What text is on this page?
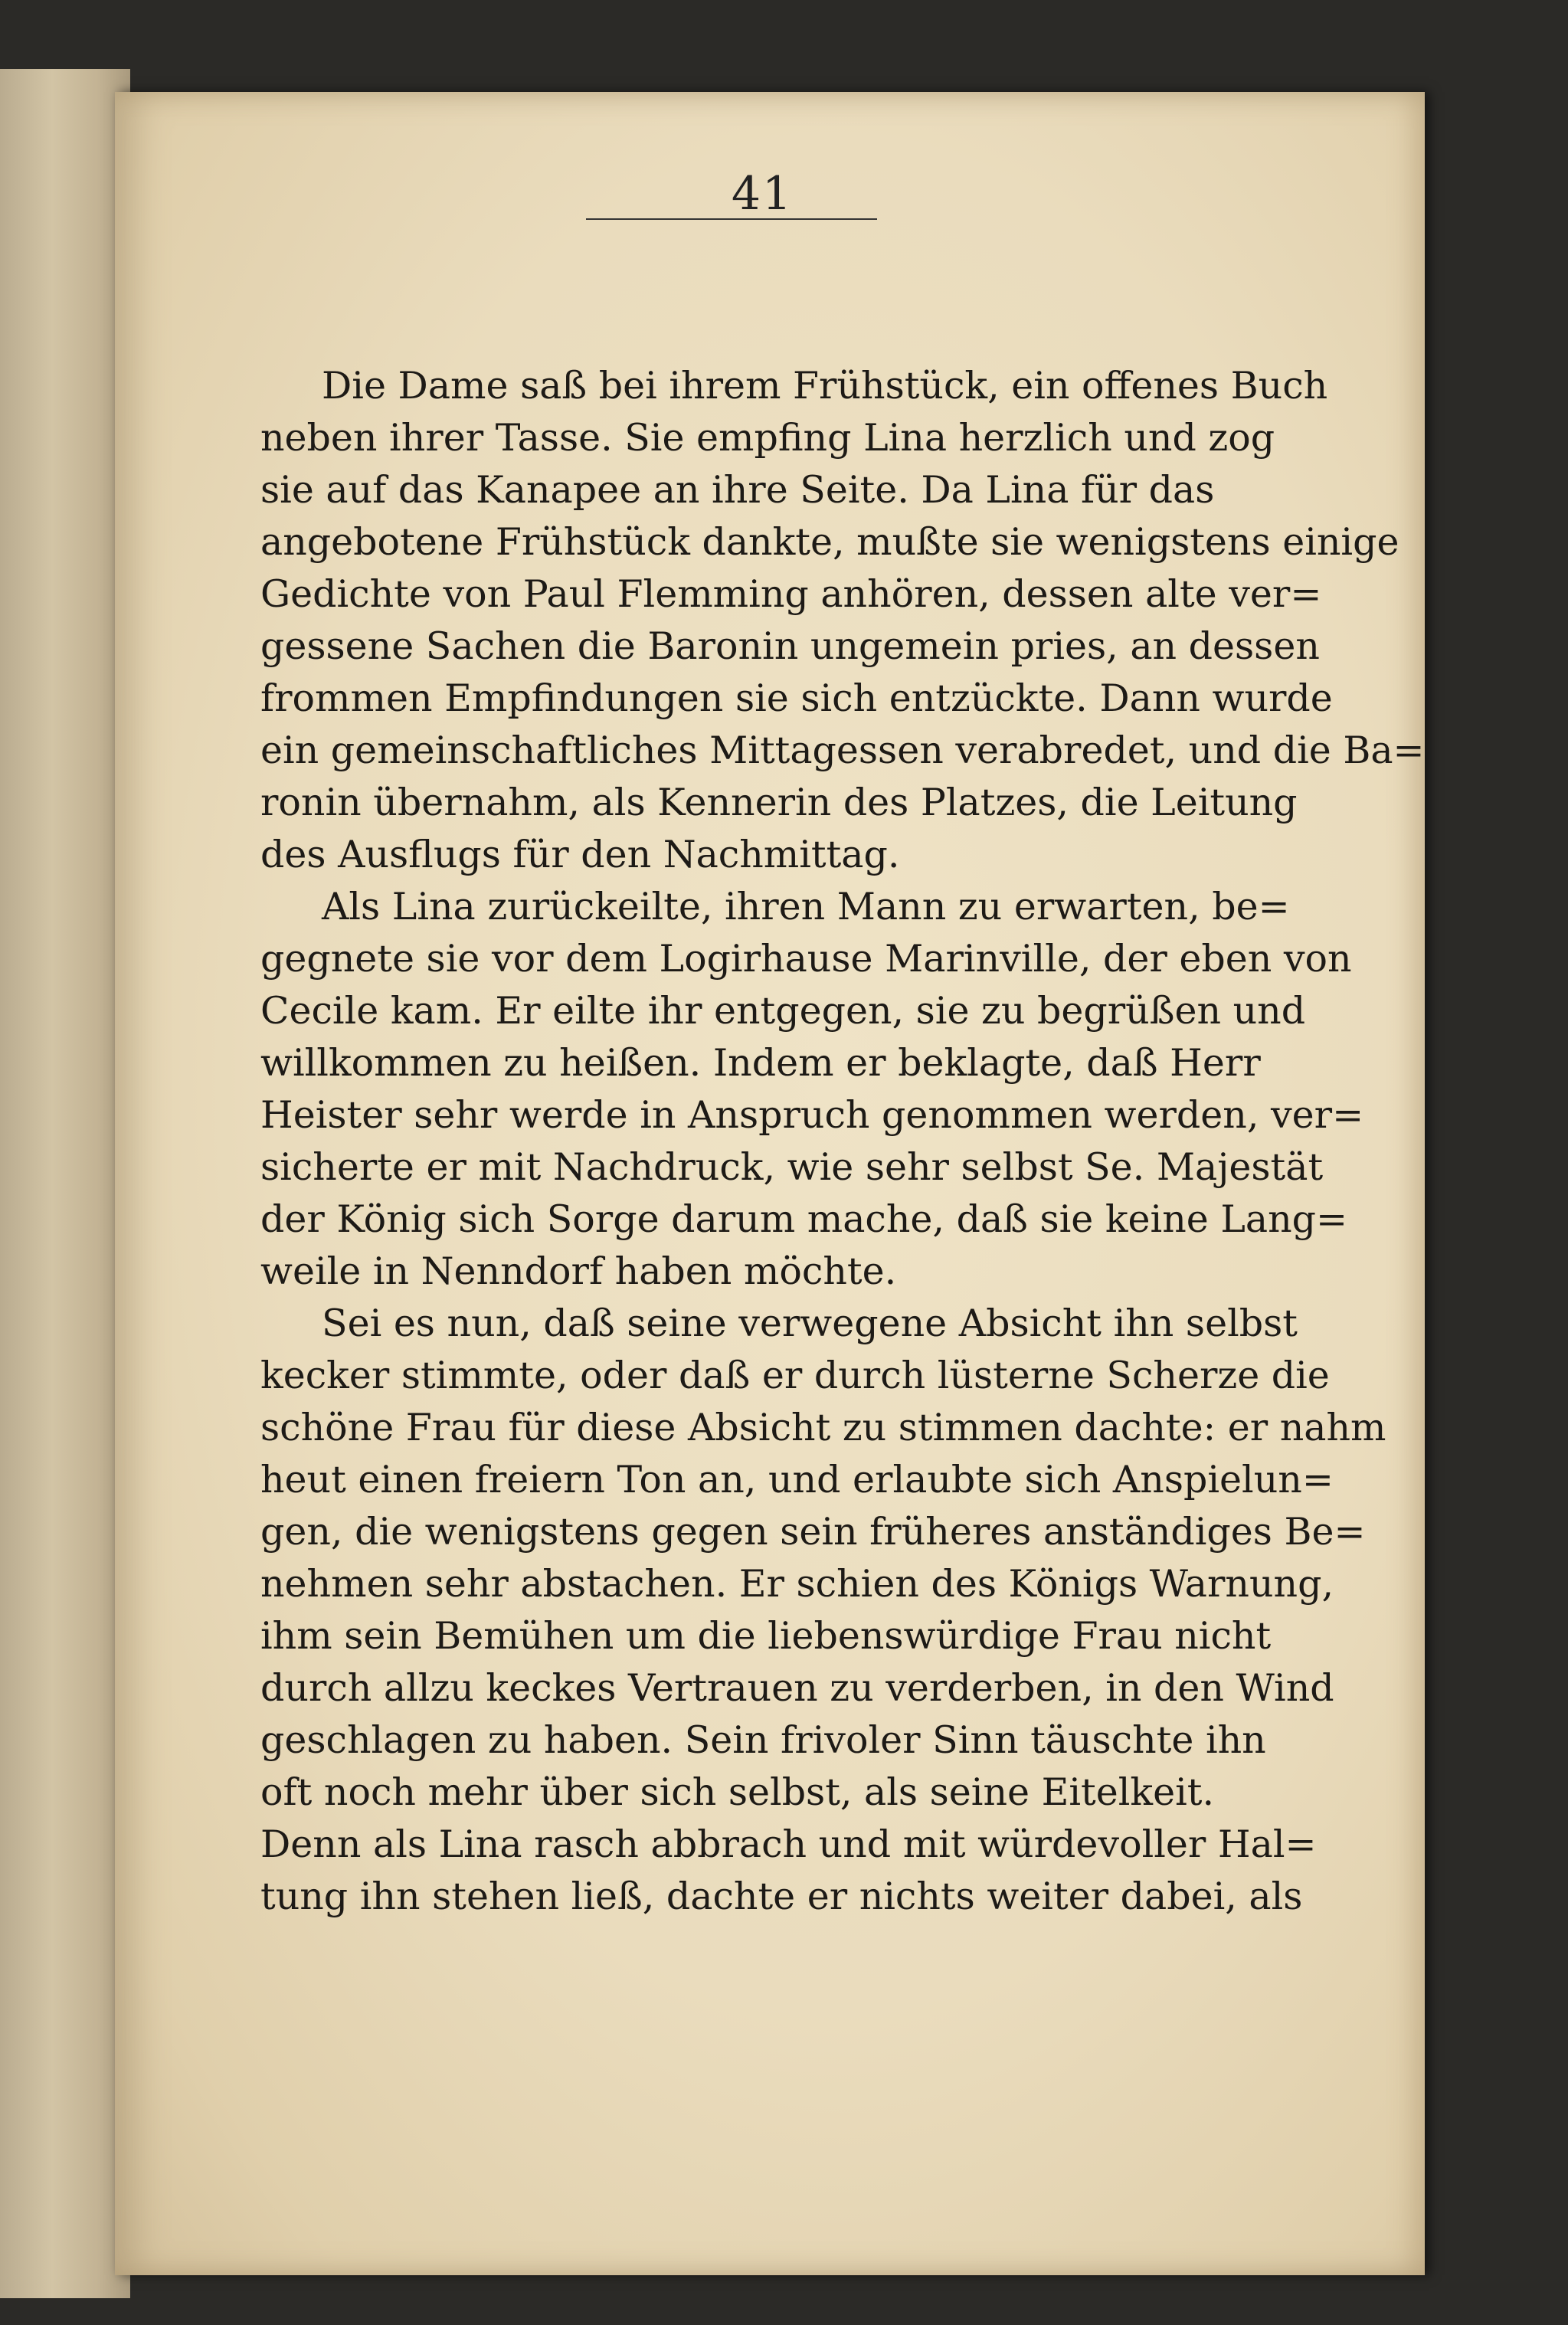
41
Die Dame saß bei ihrem Frühstück, ein offenes Buch
neben ihrer Tasse. Sie empfing Lina herzlich und zog
sie auf das Kanapee an ihre Seite. Da Lina für das
angebotene Frühstück dankte, mußte sie wenigstens einige
Gedichte von Paul Flemming anhören, dessen alte ver=
gessene Sachen die Baronin ungemein pries, an dessen
frommen Empfindungen sie sich entzückte. Dann wurde
ein gemeinschaftliches Mittagessen verabredet, und die Ba=
ronin übernahm, als Kennerin des Platzes, die Leitung
des Ausflugs für den Nachmittag.
Als Lina zurückeilte, ihren Mann zu erwarten, be=
gegnete sie vor dem Logirhause Marinville, der eben von
Cecile kam. Er eilte ihr entgegen, sie zu begrüßen und
willkommen zu heißen. Indem er beklagte, daß Herr
Heister sehr werde in Anspruch genommen werden, ver=
sicherte er mit Nachdruck, wie sehr selbst Se. Majestät
der König sich Sorge darum mache, daß sie keine Lang=
weile in Nenndorf haben möchte.
Sei es nun, daß seine verwegene Absicht ihn selbst
kecker stimmte, oder daß er durch lüsterne Scherze die
schöne Frau für diese Absicht zu stimmen dachte: er nahm
heut einen freiern Ton an, und erlaubte sich Anspielun=
gen, die wenigstens gegen sein früheres anständiges Be=
nehmen sehr abstachen. Er schien des Königs Warnung,
ihm sein Bemühen um die liebenswürdige Frau nicht
durch allzu keckes Vertrauen zu verderben, in den Wind
geschlagen zu haben. Sein frivoler Sinn täuschte ihn
oft noch mehr über sich selbst, als seine Eitelkeit.
Denn als Lina rasch abbrach und mit würdevoller Hal=
tung ihn stehen ließ, dachte er nichts weiter dabei, als
